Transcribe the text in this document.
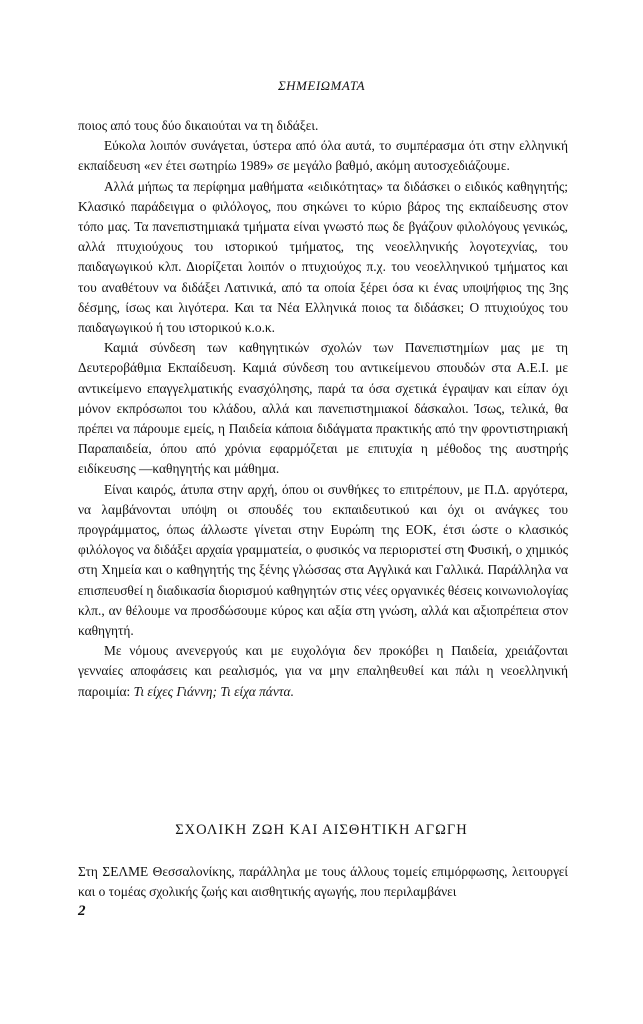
ΣΗΜΕΙΩΜΑΤΑ

ποιος από τους δύο δικαιούται να τη διδάξει.

Εύκολα λοιπόν συνάγεται, ύστερα από όλα αυτά, το συμπέρασμα ότι στην ελληνική εκπαίδευση «εν έτει σωτηρίω 1989» σε μεγάλο βαθμό, ακόμη αυτοσχεδιάζουμε.

Αλλά μήπως τα περίφημα μαθήματα «ειδικότητας» τα διδάσκει ο ειδικός καθηγητής; Κλασικό παράδειγμα ο φιλόλογος, που σηκώνει το κύριο βάρος της εκπαίδευσης στον τόπο μας. Τα πανεπιστημιακά τμήματα είναι γνωστό πως δε βγάζουν φιλολόγους γενικώς, αλλά πτυχιούχους του ιστορικού τμήματος, της νεοελληνικής λογοτεχνίας, του παιδαγωγικού κλπ. Διορίζεται λοιπόν ο πτυχιούχος π.χ. του νεοελληνικού τμήματος και του αναθέτουν να διδάξει Λατινικά, από τα οποία ξέρει όσα κι ένας υποψήφιος της 3ης δέσμης, ίσως και λιγότερα. Και τα Νέα Ελληνικά ποιος τα διδάσκει; Ο πτυχιούχος του παιδαγωγικού ή του ιστορικού κ.ο.κ.

Καμιά σύνδεση των καθηγητικών σχολών των Πανεπιστημίων μας με τη Δευτεροβάθμια Εκπαίδευση. Καμιά σύνδεση του αντικείμενου σπουδών στα Α.Ε.Ι. με αντικείμενο επαγγελματικής ενασχόλησης, παρά τα όσα σχετικά έγραψαν και είπαν όχι μόνον εκπρόσωποι του κλάδου, αλλά και πανεπιστημιακοί δάσκαλοι. Ίσως, τελικά, θα πρέπει να πάρουμε εμείς, η Παιδεία κάποια διδάγματα πρακτικής από την φροντιστηριακή Παραπαιδεία, όπου από χρόνια εφαρμόζεται με επιτυχία η μέθοδος της αυστηρής ειδίκευσης —καθηγητής και μάθημα.

Είναι καιρός, άτυπα στην αρχή, όπου οι συνθήκες το επιτρέπουν, με Π.Δ. αργότερα, να λαμβάνονται υπόψη οι σπουδές του εκπαιδευτικού και όχι οι ανάγκες του προγράμματος, όπως άλλωστε γίνεται στην Ευρώπη της ΕΟΚ, έτσι ώστε ο κλασικός φιλόλογος να διδάξει αρχαία γραμματεία, ο φυσικός να περιοριστεί στη Φυσική, ο χημικός στη Χημεία και ο καθηγητής της ξένης γλώσσας στα Αγγλικά και Γαλλικά. Παράλληλα να επισπευσθεί η διαδικασία διορισμού καθηγητών στις νέες οργανικές θέσεις κοινωνιολογίας κλπ., αν θέλουμε να προσδώσουμε κύρος και αξία στη γνώση, αλλά και αξιοπρέπεια στον καθηγητή.

Με νόμους ανενεργούς και με ευχολόγια δεν προκόβει η Παιδεία, χρειάζονται γενναίες αποφάσεις και ρεαλισμός, για να μην επαληθευθεί και πάλι η νεοελληνική παροιμία: Τι είχες Γιάννη; Τι είχα πάντα.

ΣΧΟΛΙΚΗ ΖΩΗ ΚΑΙ ΑΙΣΘΗΤΙΚΗ ΑΓΩΓΗ

Στη ΣΕΛΜΕ Θεσσαλονίκης, παράλληλα με τους άλλους τομείς επιμόρφωσης, λειτουργεί και ο τομέας σχολικής ζωής και αισθητικής αγωγής, που περιλαμβάνει

2
